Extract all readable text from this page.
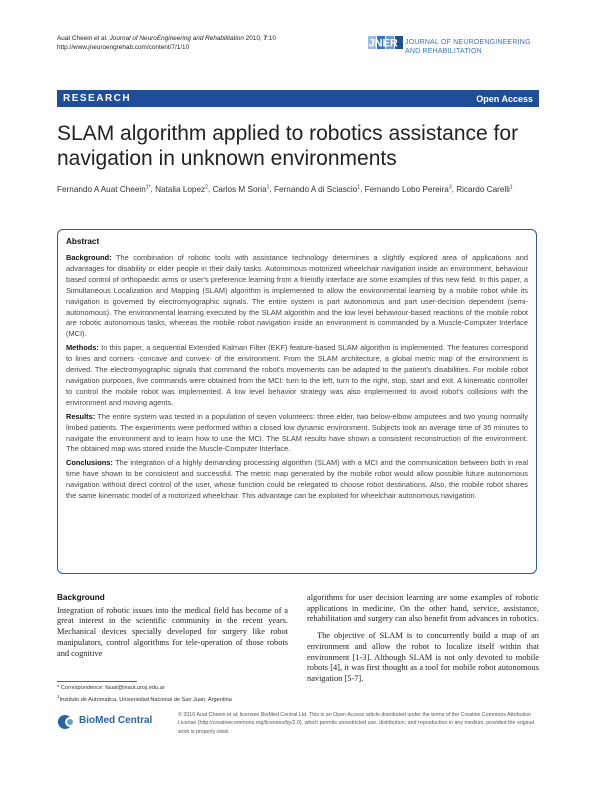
Auat Cheein et al. Journal of NeuroEngineering and Rehabilitation 2010, 7:10
http://www.jneuroengrehab.com/content/7/1/10	JNER JOURNAL OF NEUROENGINEERING
AND REHABILITATION
RESEARCH	Open Access
SLAM algorithm applied to robotics assistance for navigation in unknown environments
Fernando A Auat Cheein$^{1*}$, Natalia Lopez$^2$, Carlos M Soria$^1$, Fernando A di Sciascio$^1$, Fernando Lobo Pereira$^3$, Ricardo Carelli$^1$
Abstract

Background: The combination of robotic tools with assistance technology determines a slightly explored area of applications and advantages for disability or elder people in their daily tasks. Autonomous motorized wheelchair navigation inside an environment, behaviour based control of orthopaedic arms or user's preference learning from a friendly interface are some examples of this new field. In this paper, a Simultaneous Localization and Mapping (SLAM) algorithm is implemented to allow the environmental learning by a mobile robot while its navigation is governed by electromyographic signals. The entire system is part autonomous and part user-decision dependent (semi-autonomous). The environmental learning executed by the SLAM algorithm and the low level behaviour-based reactions of the mobile robot are robotic autonomous tasks, whereas the mobile robot navigation inside an environment is commanded by a Muscle-Computer Interface (MCI).

Methods: In this paper, a sequential Extended Kalman Filter (EKF) feature-based SLAM algorithm is implemented. The features correspond to lines and corners -concave and convex- of the environment. From the SLAM architecture, a global metric map of the environment is derived. The electromyographic signals that command the robot's movements can be adapted to the patient's disabilities. For mobile robot navigation purposes, five commands were obtained from the MCI: turn to the left, turn to the right, stop, start and exit. A kinematic controller to control the mobile robot was implemented. A low level behavior strategy was also implemented to avoid robot's collisions with the environment and moving agents.

Results: The entire system was tested in a population of seven volunteers: three elder, two below-elbow amputees and two young normally limbed patients. The experiments were performed within a closed low dynamic environment. Subjects took an average time of 35 minutes to navigate the environment and to learn how to use the MCI. The SLAM results have shown a consistent reconstruction of the environment. The obtained map was stored inside the Muscle-Computer Interface.

Conclusions: The integration of a highly demanding processing algorithm (SLAM) with a MCI and the communication between both in real time have shown to be consistent and successful. The metric map generated by the mobile robot would allow possible future autonomous navigation without direct control of the user, whose function could be relegated to choose robot destinations. Also, the mobile robot shares the same kinematic model of a motorized wheelchair. This advantage can be exploited for wheelchair autonomous navigation.

Background

Integration of robotic issues into the medical field has become of a great interest in the scientific community in the recent years. Mechanical devices specially developed for surgery like robot manipulators, control algorithms for tele-operation of those robots and cognitive

algorithms for user decision learning are some examples of robotic applications in medicine. On the other hand, service, assistance, rehabilitation and surgery can also benefit from advances in robotics.

The objective of SLAM is to concurrently build a map of an environment and allow the robot to localize itself within that environment [1-3]. Although SLAM is not only devoted to mobile robots [4], it was first thought as a tool for mobile robot autonomous navigation [5-7].

* Correspondence: fauat@inaut.unsj.edu.ar
$^1$Instituto de Automatica, Universidad Nacional de San Juan, Argentina
BioMed Central	© 2010 Auat Cheein et al; licensee BioMed Central Ltd. This is an Open Access article distributed under the terms of the Creative Commons Attribution License (http://creativecommons.org/licenses/by/2.0), which permits unrestricted use, distribution, and reproduction in any medium, provided the original work is properly cited.
